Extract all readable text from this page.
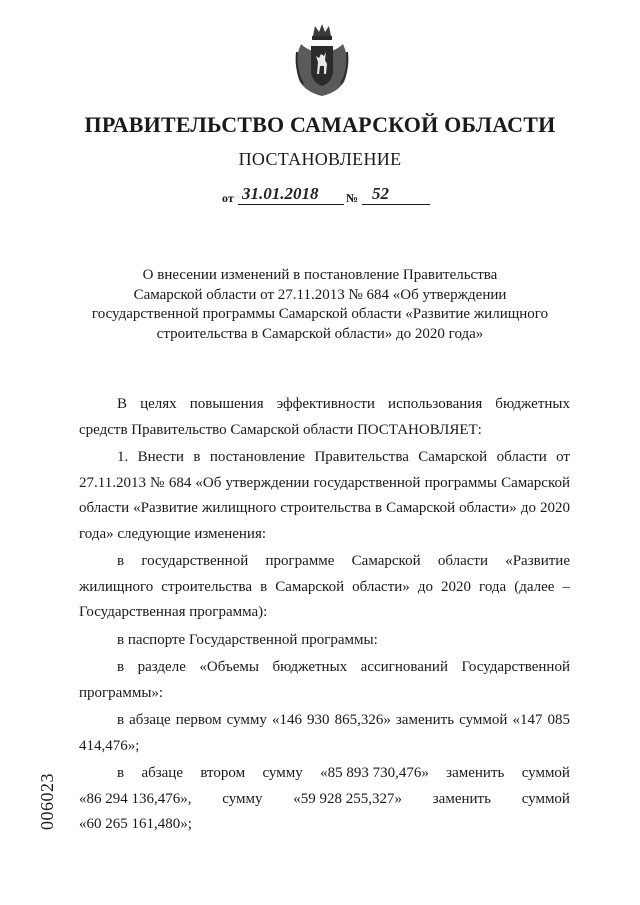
ПРАВИТЕЛЬСТВО САМАРСКОЙ ОБЛАСТИ
ПОСТАНОВЛЕНИЕ
от 31.01.2018 № 52
О внесении изменений в постановление Правительства
Самарской области от 27.11.2013 № 684 «Об утверждении
государственной программы Самарской области «Развитие жилищного
строительства в Самарской области» до 2020 года»

В целях повышения эффективности использования бюджетных средств Правительство Самарской области ПОСТАНОВЛЯЕТ:

1. Внести в постановление Правительства Самарской области от 27.11.2013 № 684 «Об утверждении государственной программы Самарской области «Развитие жилищного строительства в Самарской области» до 2020 года» следующие изменения:

в государственной программе Самарской области «Развитие жилищного строительства в Самарской области» до 2020 года (далее – Государственная программа):

в паспорте Государственной программы:

в разделе «Объемы бюджетных ассигнований Государственной программы»:

в абзаце первом сумму «146 930 865,326» заменить суммой «147 085 414,476»;

в абзаце втором сумму «85 893 730,476» заменить суммой
«86 294 136,476», сумму «59 928 255,327» заменить суммой
«60 265 161,480»;
006023
